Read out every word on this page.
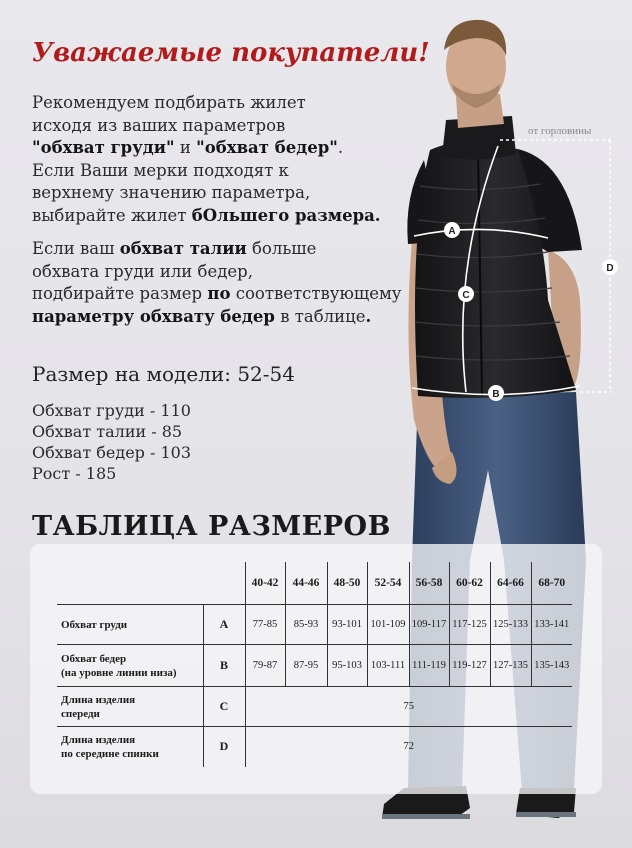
от горловины
A
C
B
D
Уважаемые покупатели!
Рекомендуем подбирать жилет
исходя из ваших параметров
"обхват груди" и "обхват бедер".
Если Ваши мерки подходят к
верхнему значению параметра,
выбирайте жилет бОльшего размера.
Если ваш обхват талии больше
обхвата груди или бедер,
подбирайте размер по соответствующему
параметру обхвату бедер в таблице.
Размер на модели: 52-54
Обхват груди - 110
Обхват талии - 85
Обхват бедер - 103
Рост - 185
ТАБЛИЦА РАЗМЕРОВ
		40-42	44-46	48-50	52-54	56-58	60-62	64-66	68-70
Обхват груди	А	77-85	85-93	93-101	101-109	109-117	117-125	125-133	133-141

Обхват бедер
(на уровне линии низа)	В	79-87	87-95	95-103	103-111	111-119	119-127	127-135	135-143

Длина изделия
спереди	С	75							

Длина изделия
по середине спинки	D	72							
